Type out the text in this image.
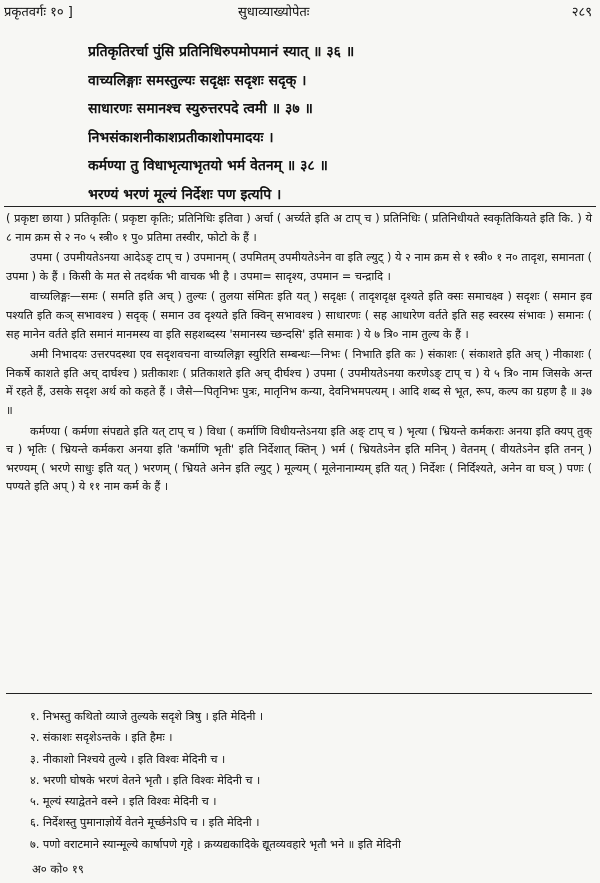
प्रकृतवर्गः १० ]	सुधाव्याख्योपेतः	२८९
प्रतिकृतिरर्चा पुंसि प्रतिनिधिरुपमोपमानं स्यात् ॥ ३६ ॥
वाच्यलिङ्गाः समस्तुल्यः सदृक्षः सदृशः सदृक् ।
साधारणः समानश्च स्युरुत्तरपदे त्वमी ॥ ३७ ॥
निभसंकाशनीकाशप्रतीकाशोपमादयः ।
कर्मण्या तु विधाभृत्याभृतयो भर्म वेतनम् ॥ ३८ ॥
भरण्यं भरणं मूल्यं निर्देशः पण इत्यपि ।

( प्रकृष्टा छाया ) प्रतिकृतिः ( प्रकृष्टा कृतिः; प्रतिनिधिः इतिवा ) अर्चा ( अर्च्यते इति अ टाप् च ) प्रतिनिधिः ( प्रतिनिधीयते स्वकृतिकियते इति कि. ) ये ८ नाम क्रम से २ न० ५ स्त्री० १ पु० प्रतिमा तस्वीर, फोटो के हैं ।

उपमा ( उपमीयतेऽनया आदेऽङ् टाप् च ) उपमानम् ( उपमितम् उपमीयतेऽनेन वा इति ल्युट् ) ये २ नाम क्रम से १ स्त्री० १ न० तादृश, समानता ( उपमा ) के हैं । किसी के मत से तदर्थक भी वाचक भी है । उपमा= सादृश्य, उपमान = चन्द्रादि ।

वाच्यलिङ्गः—समः ( समति इति अच् ) तुल्यः ( तुलया संमितः इति यत् ) सदृक्षः ( तादृशदृक्ष दृश्यते इति क्सः समाचक्ष्व ) सदृशः ( समान इव पश्यति इति कञ् सभावश्च ) सदृक् ( समान उव दृश्यते इति क्विन् सभावश्च ) साधारणः ( सह आधारेण वर्तते इति सह स्वरस्य संभावः ) समानः ( सह मानेन वर्तते इति समानं मानमस्य वा इति सहशब्दस्य 'समानस्य च्छन्दसि' इति समावः ) ये ७ त्रि० नाम तुल्य के हैं ।

अमी निभादयः उत्तरपदस्था एव सदृशवचना वाच्यलिङ्गा स्युरिति सम्बन्धः—निभः ( निभाति इति कः ) संकाशः ( संकाशते इति अच् ) नीकाशः ( निकर्षे काशते इति अच् दार्घश्च ) प्रतीकाशः ( प्रतिकाशते इति अच् दीर्घश्च ) उपमा ( उपमीयतेऽनया करणेऽङ् टाप् च ) ये ५ त्रि० नाम जिसके अन्त में रहते हैं, उसके सदृश अर्थ को कहते हैं । जैसे—पितृनिभः पुत्रः, मातृनिभ कन्या, देवनिभमपत्यम् । आदि शब्द से भूत, रूप, कल्प का ग्रहण है ॥ ३७ ॥

कर्मण्या ( कर्मणा संपद्यते इति यत् टाप् च ) विधा ( कर्माणि विधीयन्तेऽनया इति अङ् टाप् च ) भृत्या ( भ्रियन्ते कर्मकराः अनया इति क्यप् तुक् च ) भृतिः ( भ्रियन्ते कर्मकरा अनया इति 'कर्माणि भृती' इति निर्देशात् क्तिन् ) भर्म ( भ्रियतेऽनेन इति मनिन् ) वेतनम् ( वीयतेऽनेन इति तनन् ) भरण्यम् ( भरणे साधुः इति यत् ) भरणम् ( भ्रियते अनेन इति ल्युट् ) मूल्यम् ( मूलेनानाम्यम् इति यत् ) निर्देशः ( निर्दिश्यते, अनेन वा घञ् ) पणः ( पण्यते इति अप् ) ये ११ नाम कर्म के हैं ।

१. निभस्तु कथितो व्याजे तुल्यके सदृशे त्रिषु । इति मेदिनी ।
२. संकाशः सदृशेऽन्तके । इति हैमः ।
३. नीकाशो निश्चये तुल्ये । इति विश्वः मेदिनी च ।
४. भरणी घोषके भरणं वेतने भृतौ । इति विश्वः मेदिनी च ।
५. मूल्यं स्याद्वेतने वस्ने । इति विश्वः मेदिनी च ।
६. निर्देशस्तु पुमानाज्ञोर्ये वेतने मूर्च्छनेऽपि च । इति मेदिनी ।
७. पणो वराटमाने स्यान्मूल्ये कार्षापणे गृहे । क्रय्यद्यकादिके द्यूतव्यवहारे भृतौ भने ॥ इति मेदिनी
अ० को० १९
